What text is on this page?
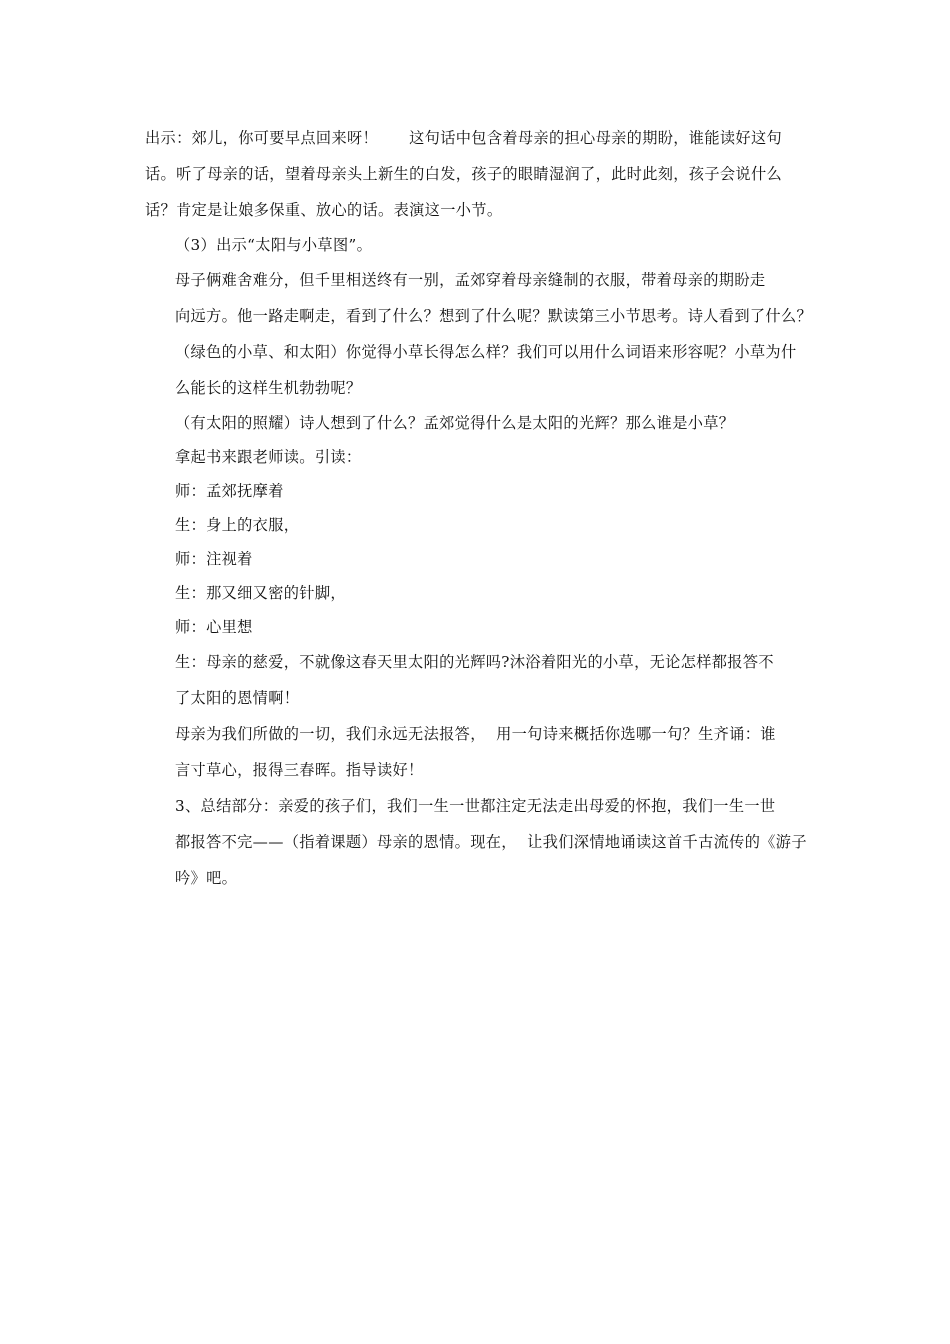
出示：郊儿，你可要早点回来呀！      这句话中包含着母亲的担心母亲的期盼，谁能读好这句
话。听了母亲的话，望着母亲头上新生的白发，孩子的眼睛湿润了，此时此刻，孩子会说什么
话？肯定是让娘多保重、放心的话。表演这一小节。

（3）出示“太阳与小草图”。

母子俩难舍难分，但千里相送终有一别，孟郊穿着母亲缝制的衣服，带着母亲的期盼走
向远方。他一路走啊走，看到了什么？想到了什么呢？默读第三小节思考。诗人看到了什么？
（绿色的小草、和太阳）你觉得小草长得怎么样？我们可以用什么词语来形容呢？小草为什
么能长的这样生机勃勃呢？

（有太阳的照耀）诗人想到了什么？孟郊觉得什么是太阳的光辉？那么谁是小草？

拿起书来跟老师读。引读：

师：孟郊抚摩着

生：身上的衣服，

师：注视着

生：那又细又密的针脚，

师：心里想

生：母亲的慈爱，不就像这春天里太阳的光辉吗?沐浴着阳光的小草，无论怎样都报答不
了太阳的恩情啊！

母亲为我们所做的一切，我们永远无法报答，  用一句诗来概括你选哪一句？生齐诵：谁
言寸草心，报得三春晖。指导读好！

3、总结部分：亲爱的孩子们，我们一生一世都注定无法走出母爱的怀抱，我们一生一世
都报答不完——（指着课题）母亲的恩情。现在，  让我们深情地诵读这首千古流传的《游子
吟》吧。
